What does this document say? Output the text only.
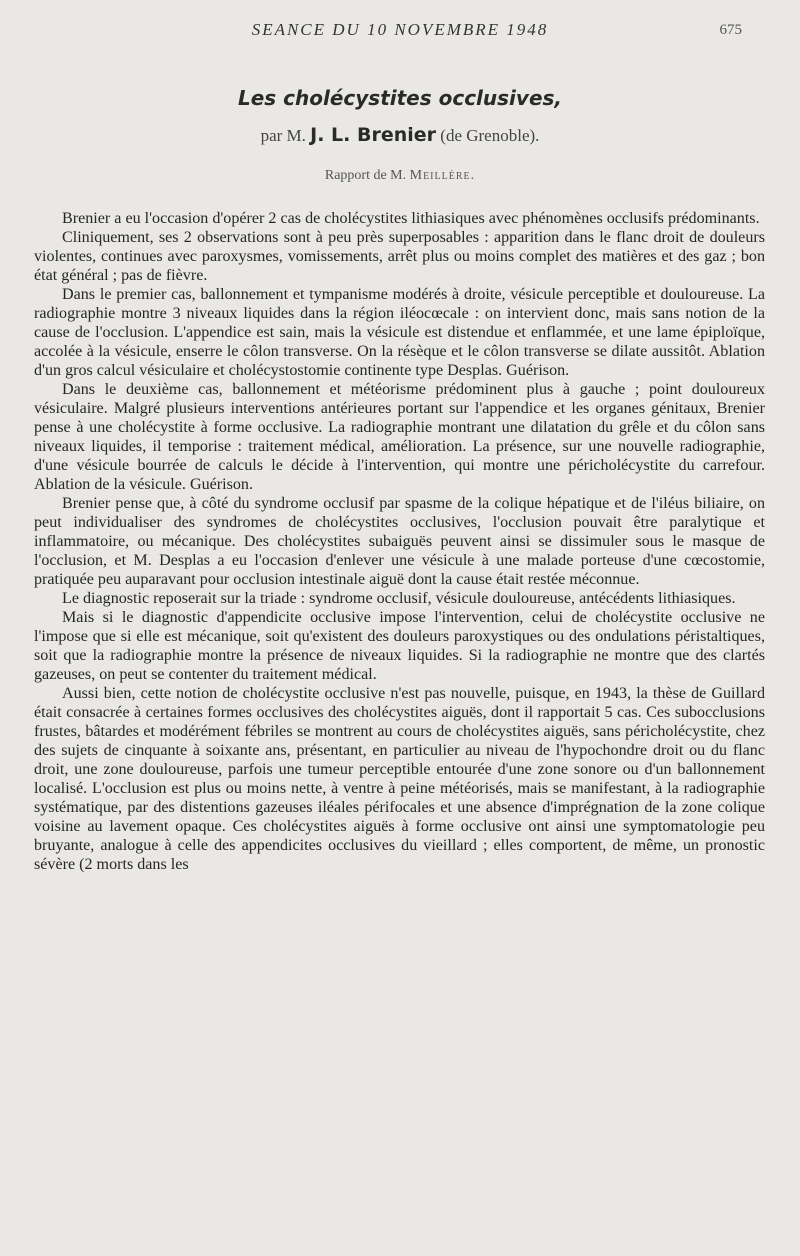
SEANCE DU 10 NOVEMBRE 1948	675
Les cholécystites occlusives,
par M. J. L. Brenier (de Grenoble).
Rapport de M. Meillère.

Brenier a eu l'occasion d'opérer 2 cas de cholécystites lithiasiques avec phénomènes occlusifs prédominants.

Cliniquement, ses 2 observations sont à peu près superposables : apparition dans le flanc droit de douleurs violentes, continues avec paroxysmes, vomissements, arrêt plus ou moins complet des matières et des gaz ; bon état général ; pas de fièvre.

Dans le premier cas, ballonnement et tympanisme modérés à droite, vésicule perceptible et douloureuse. La radiographie montre 3 niveaux liquides dans la région iléocœcale : on intervient donc, mais sans notion de la cause de l'occlusion. L'appendice est sain, mais la vésicule est distendue et enflammée, et une lame épiploïque, accolée à la vésicule, enserre le côlon transverse. On la résèque et le côlon transverse se dilate aussitôt. Ablation d'un gros calcul vésiculaire et cholécystostomie continente type Desplas. Guérison.

Dans le deuxième cas, ballonnement et météorisme prédominent plus à gauche ; point douloureux vésiculaire. Malgré plusieurs interventions antérieures portant sur l'appendice et les organes génitaux, Brenier pense à une cholécystite à forme occlusive. La radiographie montrant une dilatation du grêle et du côlon sans niveaux liquides, il temporise : traitement médical, amélioration. La présence, sur une nouvelle radiographie, d'une vésicule bourrée de calculs le décide à l'intervention, qui montre une péricholécystite du carrefour. Ablation de la vésicule. Guérison.

Brenier pense que, à côté du syndrome occlusif par spasme de la colique hépatique et de l'iléus biliaire, on peut individualiser des syndromes de cholécystites occlusives, l'occlusion pouvait être paralytique et inflammatoire, ou mécanique. Des cholécystites subaiguës peuvent ainsi se dissimuler sous le masque de l'occlusion, et M. Desplas a eu l'occasion d'enlever une vésicule à une malade porteuse d'une cœcostomie, pratiquée peu auparavant pour occlusion intestinale aiguë dont la cause était restée méconnue.

Le diagnostic reposerait sur la triade : syndrome occlusif, vésicule douloureuse, antécédents lithiasiques.

Mais si le diagnostic d'appendicite occlusive impose l'intervention, celui de cholécystite occlusive ne l'impose que si elle est mécanique, soit qu'existent des douleurs paroxystiques ou des ondulations péristaltiques, soit que la radiographie montre la présence de niveaux liquides. Si la radiographie ne montre que des clartés gazeuses, on peut se contenter du traitement médical.

Aussi bien, cette notion de cholécystite occlusive n'est pas nouvelle, puisque, en 1943, la thèse de Guillard était consacrée à certaines formes occlusives des cholécystites aiguës, dont il rapportait 5 cas. Ces subocclusions frustes, bâtardes et modérément fébriles se montrent au cours de cholécystites aiguës, sans péricholécystite, chez des sujets de cinquante à soixante ans, présentant, en particulier au niveau de l'hypochondre droit ou du flanc droit, une zone douloureuse, parfois une tumeur perceptible entourée d'une zone sonore ou d'un ballonnement localisé. L'occlusion est plus ou moins nette, à ventre à peine météorisés, mais se manifestant, à la radiographie systématique, par des distentions gazeuses iléales périfocales et une absence d'imprégnation de la zone colique voisine au lavement opaque. Ces cholécystites aiguës à forme occlusive ont ainsi une symptomatologie peu bruyante, analogue à celle des appendicites occlusives du vieillard ; elles comportent, de même, un pronostic sévère (2 morts dans les
